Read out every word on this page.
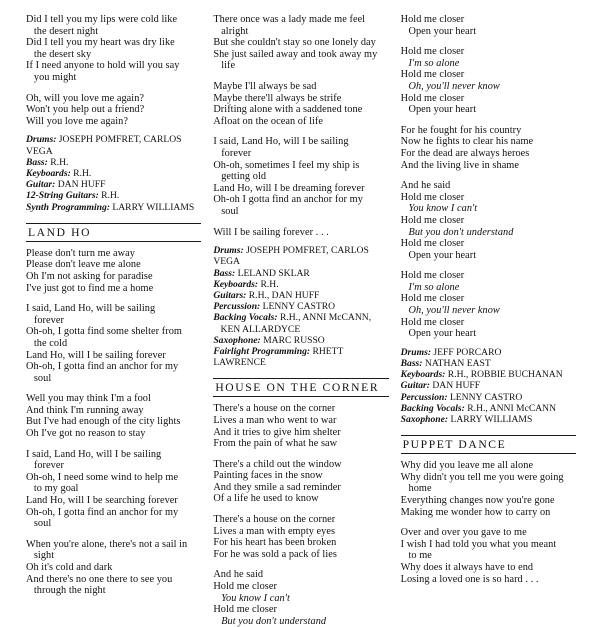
Did I tell you my lips were cold like
the desert night
Did I tell you my heart was dry like
the desert sky
If I need anyone to hold will you say
you might
Oh, will you love me again?
Won't you help out a friend?
Will you love me again?
Drums: JOSEPH POMFRET, CARLOS VEGA
Bass: R.H.
Keyboards: R.H.
Guitar: DAN HUFF
12-String Guitars: R.H.
Synth Programming: LARRY WILLIAMS
LAND HO
Please don't turn me away
Please don't leave me alone
Oh I'm not asking for paradise
I've just got to find me a home
I said, Land Ho, will be sailing
forever
Oh-oh, I gotta find some shelter from
the cold
Land Ho, will I be sailing forever
Oh-oh, I gotta find an anchor for my
soul
Well you may think I'm a fool
And think I'm running away
But I've had enough of the city lights
Oh I've got no reason to stay
I said, Land Ho, will I be sailing
forever
Oh-oh, I need some wind to help me
to my goal
Land Ho, will I be searching forever
Oh-oh, I gotta find an anchor for my
soul
When you're alone, there's not a sail in
sight
Oh it's cold and dark
And there's no one there to see you
through the night
There once was a lady made me feel
alright
But she couldn't stay so one lonely day
She just sailed away and took away my
life
Maybe I'll always be sad
Maybe there'll always be strife
Drifting alone with a saddened tone
Afloat on the ocean of life
I said, Land Ho, will I be sailing
forever
Oh-oh, sometimes I feel my ship is
getting old
Land Ho, will I be dreaming forever
Oh-oh I gotta find an anchor for my
soul
Will I be sailing forever . . .
Drums: JOSEPH POMFRET, CARLOS VEGA
Bass: LELAND SKLAR
Keyboards: R.H.
Guitars: R.H., DAN HUFF
Percussion: LENNY CASTRO
Backing Vocals: R.H., ANNI McCANN,
KEN ALLARDYCE
Saxophone: MARC RUSSO
Fairlight Programming: RHETT LAWRENCE
HOUSE ON THE CORNER
There's a house on the corner
Lives a man who went to war
And it tries to give him shelter
From the pain of what he saw
There's a child out the window
Painting faces in the snow
And they smile a sad reminder
Of a life he used to know
There's a house on the corner
Lives a man with empty eyes
For his heart has been broken
For he was sold a pack of lies
And he said
Hold me closer
You know I can't
Hold me closer
But you don't understand
Hold me closer
Open your heart
Hold me closer
I'm so alone
Hold me closer
Oh, you'll never know
Hold me closer
Open your heart
For he fought for his country
Now he fights to clear his name
For the dead are always heroes
And the living live in shame
And he said
Hold me closer
You know I can't
Hold me closer
But you don't understand
Hold me closer
Open your heart
Hold me closer
I'm so alone
Hold me closer
Oh, you'll never know
Hold me closer
Open your heart
Drums: JEFF PORCARO
Bass: NATHAN EAST
Keyboards: R.H., ROBBIE BUCHANAN
Guitar: DAN HUFF
Percussion: LENNY CASTRO
Backing Vocals: R.H., ANNI McCANN
Saxophone: LARRY WILLIAMS
PUPPET DANCE
Why did you leave me all alone
Why didn't you tell me you were going
home
Everything changes now you're gone
Making me wonder how to carry on
Over and over you gave to me
I wish I had told you what you meant
to me
Why does it always have to end
Losing a loved one is so hard . . .
